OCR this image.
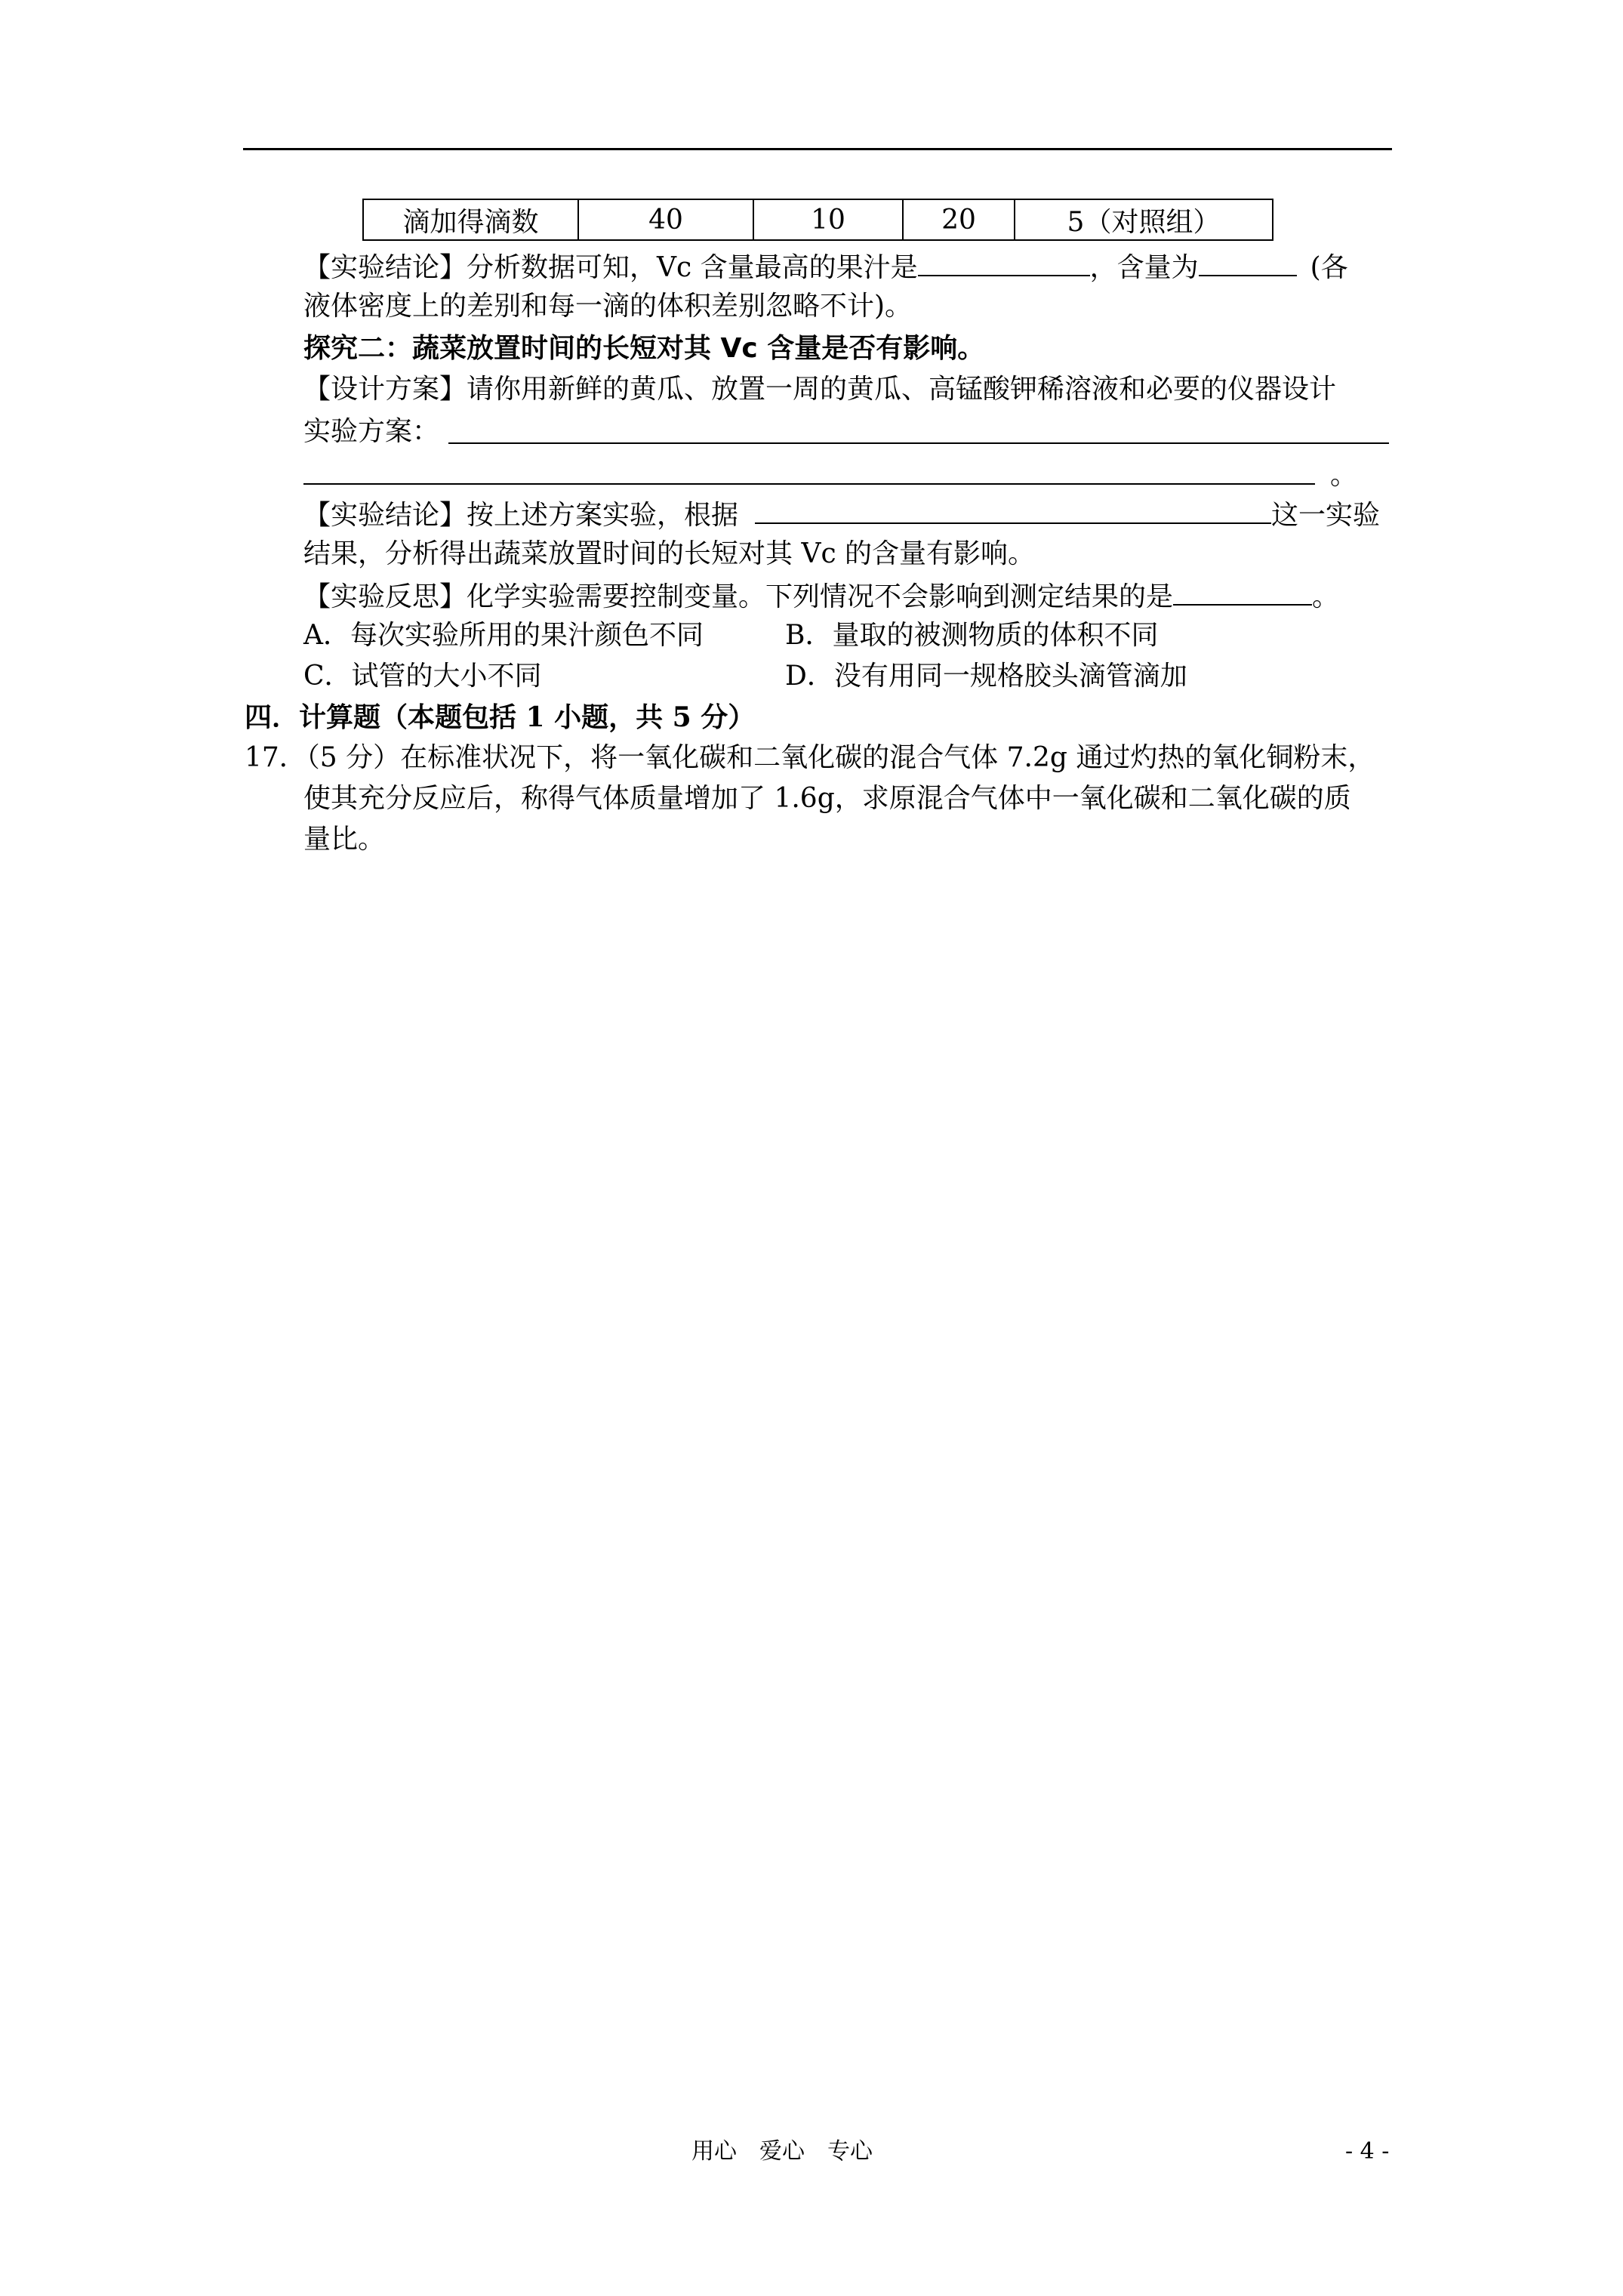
滴加得滴数	40	10	20	5（对照组）
【实验结论】分析数据可知，Vc 含量最高的果汁是	，含量为	(各
液体密度上的差别和每一滴的体积差别忽略不计)。
探究二：蔬菜放置时间的长短对其 Vc 含量是否有影响。
【设计方案】请你用新鲜的黄瓜、放置一周的黄瓜、高锰酸钾稀溶液和必要的仪器设计
实验方案：
。
【实验结论】按上述方案实验，根据	这一实验
结果，分析得出蔬菜放置时间的长短对其 Vc 的含量有影响。
【实验反思】化学实验需要控制变量。下列情况不会影响到测定结果的是	。
A．每次实验所用的果汁颜色不同	B．量取的被测物质的体积不同
C．试管的大小不同	D．没有用同一规格胶头滴管滴加
四．计算题（本题包括 1 小题，共 5 分）
17．（5 分）在标准状况下，将一氧化碳和二氧化碳的混合气体 7.2g 通过灼热的氧化铜粉末，
使其充分反应后，称得气体质量增加了 1.6g，求原混合气体中一氧化碳和二氧化碳的质
量比。
用心　爱心　专心	- 4 -
